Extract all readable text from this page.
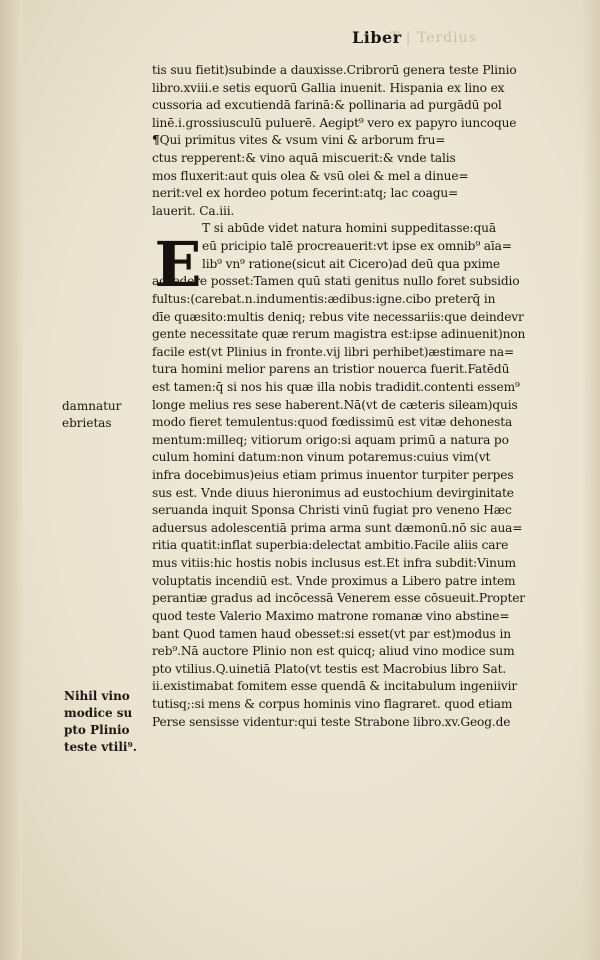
T | Terdius
Liber
E
tis suu fietit)subinde a dauxisse.Cribrorū genera teste Plinio
libro.xviii.e setis equorū Gallia inuenit. Hispania ex lino ex
cussoria ad excutiendā farinā:& pollinaria ad purgādū pol
linē.i.grossiusculū puluerē. Aegipt⁹ vero ex papyro iuncoque
¶Qui primitus vites & vsum vini & arborum fru=
ctus repperent:& vino aquā miscuerit:& vnde talis
mos fluxerit:aut quis olea & vsū olei & mel a dinue=
nerit:vel ex hordeo potum fecerint:atq; lac coagu=
lauerit. Ca.iii.
T si abūde videt natura homini suppeditasse:quā
eū pricipio talē procreauerit:vt ipse ex omnib⁹ aīa=
lib⁹ vn⁹ ratione(sicut ait Cicero)ad deū qua pxime
accedere posset:Tamen quū stati genitus nullo foret subsidio
fultus:(carebat.n.indumentis:ædibus:igne.cibo preterq̄ in
dīe quæsito:multis deniq; rebus vite necessariis:que deindevr
gente necessitate quæ rerum magistra est:ipse adinuenit)non
facile est(vt Plinius in fronte.vij libri perhibet)æstimare na=
tura homini melior parens an tristior nouerca fuerit.Fatēdū
est tamen:q̄ si nos his quæ illa nobis tradidit.contenti essem⁹
longe melius res sese haberent.Nā(vt de cæteris sileam)quis
modo fieret temulentus:quod fœdissimū est vitæ dehonesta
mentum:milleq; vitiorum origo:si aquam primū a natura po
culum homini datum:non vinum potaremus:cuius vim(vt
infra docebimus)eius etiam primus inuentor turpiter perpes
sus est. Vnde diuus hieronimus ad eustochium devirginitate
seruanda inquit Sponsa Christi vinū fugiat pro veneno Hæc
aduersus adolescentiā prima arma sunt dæmonū.nō sic aua=
ritia quatit:inflat superbia:delectat ambitio.Facile aliis care
mus vitiis:hic hostis nobis inclusus est.Et infra subdit:Vinum
voluptatis incendiū est. Vnde proximus a Libero patre intem
perantiæ gradus ad incōcessā Venerem esse cōsueuit.Propter
quod teste Valerio Maximo matrone romanæ vino abstine=
bant Quod tamen haud obesset:si esset(vt par est)modus in
reb⁹.Nā auctore Plinio non est quicq; aliud vino modice sum
pto vtilius.Q.uinetiā Plato(vt testis est Macrobius libro Sat.
ii.existimabat fomitem esse quendā & incitabulum ingeniivir
tutisq;:si mens & corpus hominis vino flagraret. quod etiam
Perse sensisse videntur:qui teste Strabone libro.xv.Geog.de
damnatur
ebrietas
Nihil vino
modice su
pto Plinio
teste vtili⁹.
